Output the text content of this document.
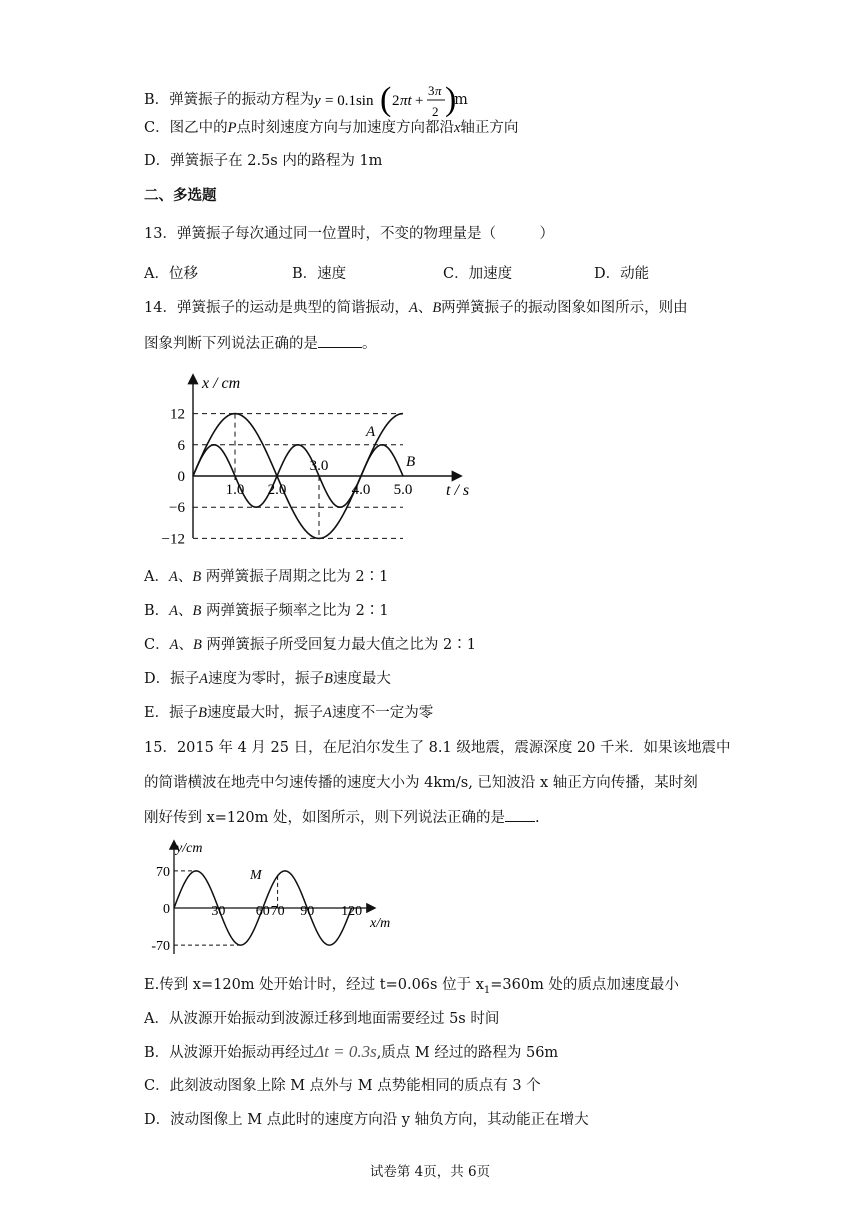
B．弹簧振子的振动方程为 y = 0.1sin ( 2 πt +
3 π
2 )
m
C．图乙中的P点时刻速度方向与加速度方向都沿x轴正方向
D．弹簧振子在 2.5s 内的路程为 1m
二、多选题
13．弹簧振子每次通过同一位置时，不变的物理量是（　　　）
A．位移	B．速度	C．加速度	D．动能
14．弹簧振子的运动是典型的简谐振动，A、B两弹簧振子的振动图象如图所示，则由
图象判断下列说法正确的是	。
x / cm
t / s
12
6
0
−6
−12
1.0 2.0
3.0
4.0 5.0
A
B
A．A、B 两弹簧振子周期之比为 2∶1
B．A、B 两弹簧振子频率之比为 2∶1
C．A、B 两弹簧振子所受回复力最大值之比为 2∶1
D．振子A速度为零时，振子B速度最大
E．振子B速度最大时，振子A速度不一定为零
15．2015 年 4 月 25 日，在尼泊尔发生了 8.1 级地震，震源深度 20 千米．如果该地震中
的简谐横波在地壳中匀速传播的速度大小为 4km/s, 已知波沿 x 轴正方向传播，某时刻
刚好传到 x=120m 处，如图所示，则下列说法正确的是 .
y/cm
x/m
70
0
-70
30 60 70 90 120
M
E.传到 x=120m 处开始计时，经过 t=0.06s 位于 $x_1=360m$ 处的质点加速度最小
A．从波源开始振动到波源迁移到地面需要经过 5s 时间
B．从波源开始振动再经过Δt = 0.3s,质点 M 经过的路程为 56m
C．此刻波动图象上除 M 点外与 M 点势能相同的质点有 3 个
D．波动图像上 M 点此时的速度方向沿 y 轴负方向，其动能正在增大
试卷第 4页，共 6页
